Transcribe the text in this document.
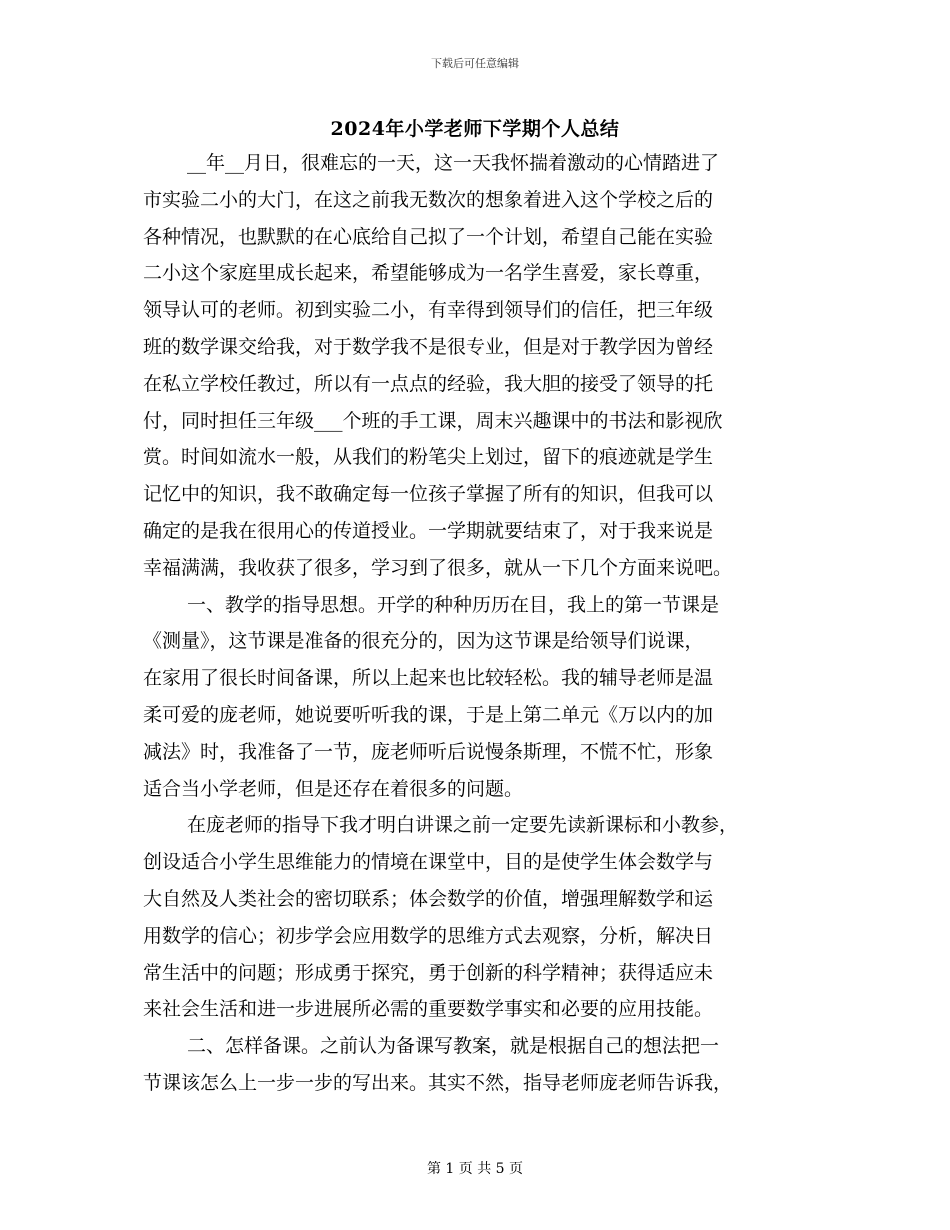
下载后可任意编辑
2024年小学老师下学期个人总结
__年__月日，很难忘的一天，这一天我怀揣着激动的心情踏进了
市实验二小的大门，在这之前我无数次的想象着进入这个学校之后的
各种情况，也默默的在心底给自己拟了一个计划，希望自己能在实验
二小这个家庭里成长起来，希望能够成为一名学生喜爱，家长尊重，
领导认可的老师。初到实验二小，有幸得到领导们的信任，把三年级
班的数学课交给我，对于数学我不是很专业，但是对于教学因为曾经
在私立学校任教过，所以有一点点的经验，我大胆的接受了领导的托
付，同时担任三年级___个班的手工课，周末兴趣课中的书法和影视欣
赏。时间如流水一般，从我们的粉笔尖上划过，留下的痕迹就是学生
记忆中的知识，我不敢确定每一位孩子掌握了所有的知识，但我可以
确定的是我在很用心的传道授业。一学期就要结束了，对于我来说是
幸福满满，我收获了很多，学习到了很多，就从一下几个方面来说吧。
一、教学的指导思想。开学的种种历历在目，我上的第一节课是
《测量》，这节课是准备的很充分的，因为这节课是给领导们说课，
在家用了很长时间备课，所以上起来也比较轻松。我的辅导老师是温
柔可爱的庞老师，她说要听听我的课，于是上第二单元《万以内的加
减法》时，我准备了一节，庞老师听后说慢条斯理，不慌不忙，形象
适合当小学老师，但是还存在着很多的问题。
在庞老师的指导下我才明白讲课之前一定要先读新课标和小教参，
创设适合小学生思维能力的情境在课堂中，目的是使学生体会数学与
大自然及人类社会的密切联系；体会数学的价值，增强理解数学和运
用数学的信心；初步学会应用数学的思维方式去观察，分析，解决日
常生活中的问题；形成勇于探究，勇于创新的科学精神；获得适应未
来社会生活和进一步进展所必需的重要数学事实和必要的应用技能。
二、怎样备课。之前认为备课写教案，就是根据自己的想法把一
节课该怎么上一步一步的写出来。其实不然，指导老师庞老师告诉我，
第 1 页 共 5 页
